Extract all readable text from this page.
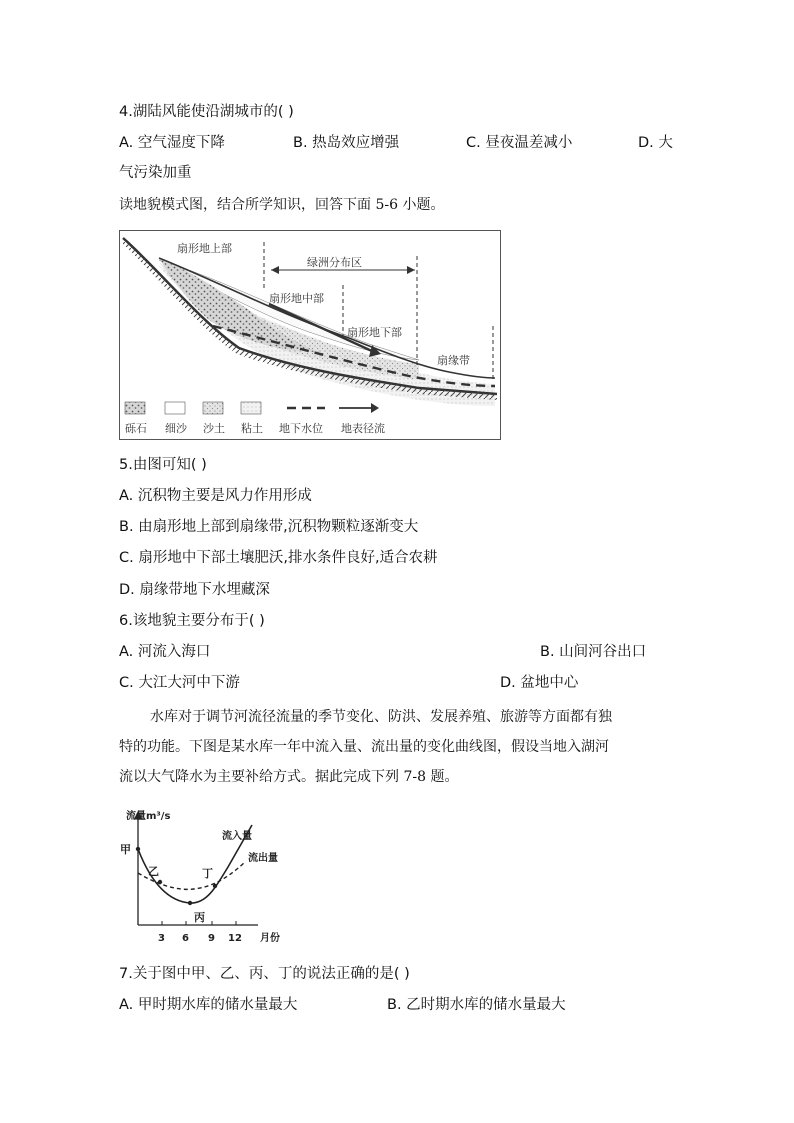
4.湖陆风能使沿湖城市的( )
A. 空气湿度下降	B. 热岛效应增强	C. 昼夜温差减小	D. 大
气污染加重
读地貌模式图，结合所学知识，回答下面 5-6 小题。
扇形地上部
绿洲分布区
扇形地中部
扇形地下部
扇缘带
砾石 细沙 沙土 粘土 地下水位 地表径流
5.由图可知( )
A. 沉积物主要是风力作用形成
B. 由扇形地上部到扇缘带,沉积物颗粒逐渐变大
C. 扇形地中下部土壤肥沃,排水条件良好,适合农耕
D. 扇缘带地下水埋藏深
6.该地貌主要分布于( )
A. 河流入海口	B. 山间河谷出口
C. 大江大河中下游	D. 盆地中心
水库对于调节河流径流量的季节变化、防洪、发展养殖、旅游等方面都有独
特的功能。下图是某水库一年中流入量、流出量的变化曲线图，假设当地入湖河
流以大气降水为主要补给方式。据此完成下列 7-8 题。
流量m³/s
月份
3 6 9 12
甲
乙
丙
丁
流入量
流出量
7.关于图中甲、乙、丙、丁的说法正确的是( )
A. 甲时期水库的储水量最大	B. 乙时期水库的储水量最大
